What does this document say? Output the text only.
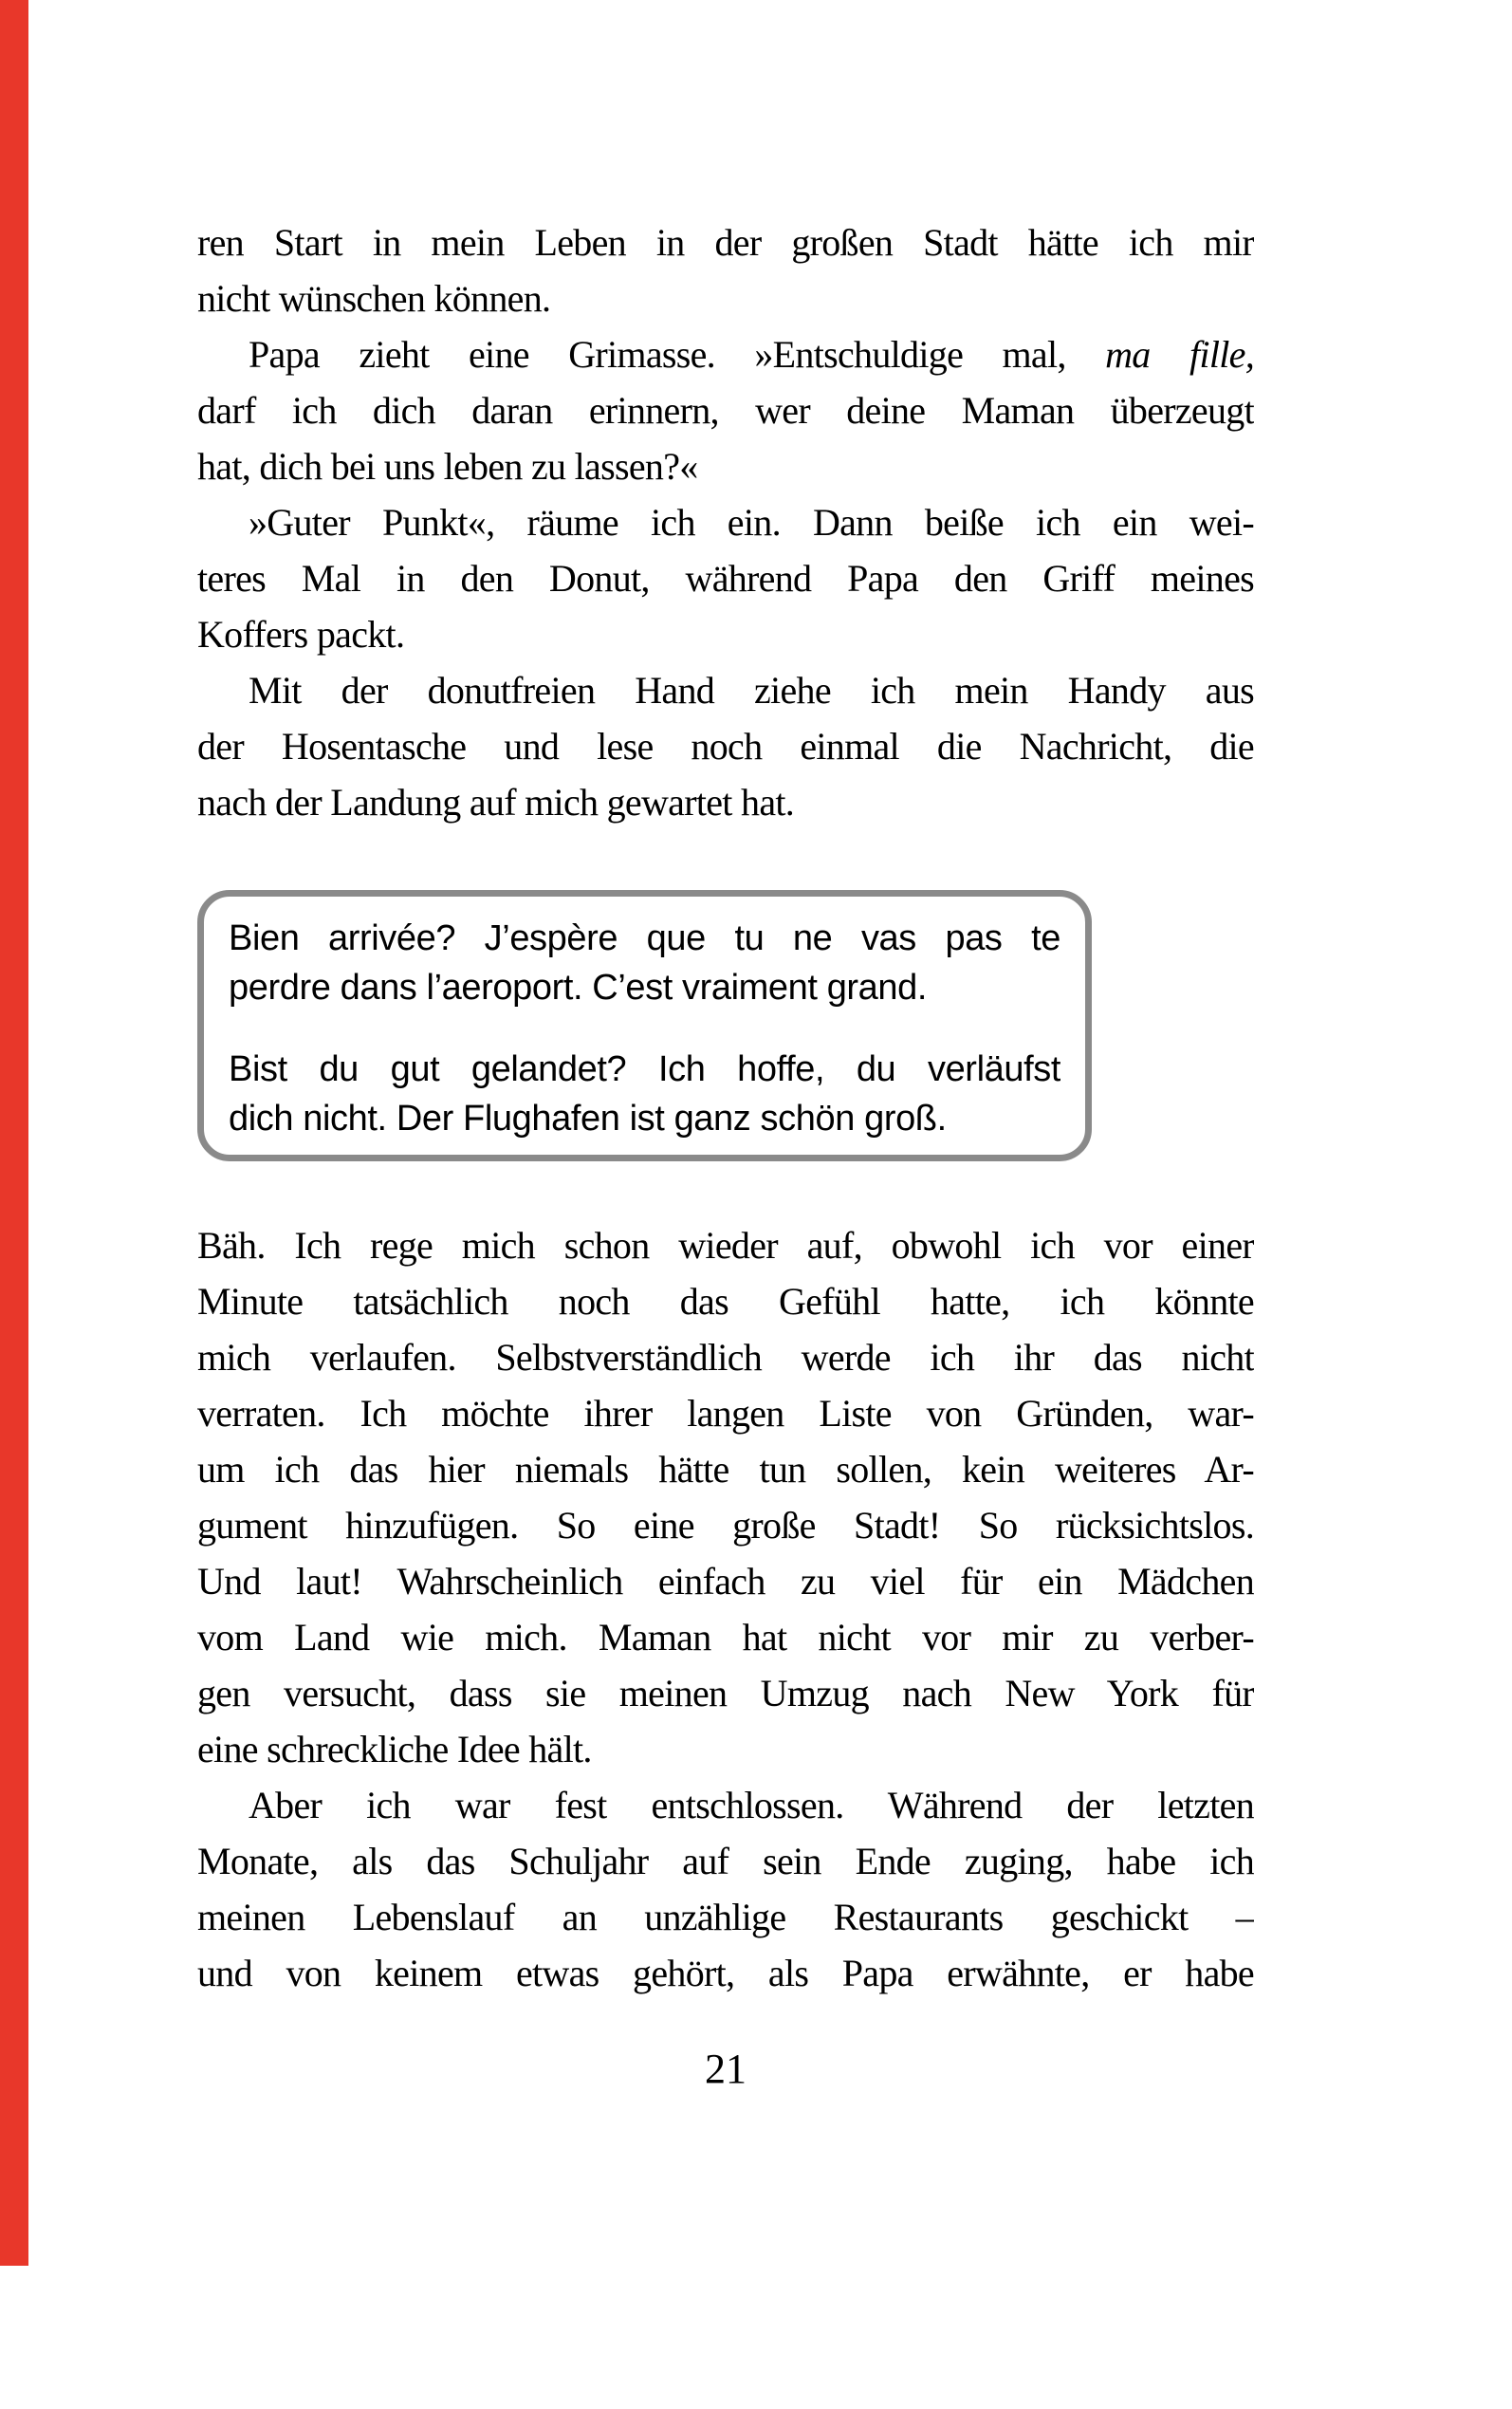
ren Start in mein Leben in der großen Stadt hätte ich mir
nicht wünschen können.
Papa zieht eine Grimasse. »Entschuldige mal, ma fille,
darf ich dich daran erinnern, wer deine Maman überzeugt
hat, dich bei uns leben zu lassen?«
»Guter Punkt«, räume ich ein. Dann beiße ich ein wei-
teres Mal in den Donut, während Papa den Griff meines
Koffers packt.
Mit der donutfreien Hand ziehe ich mein Handy aus
der Hosentasche und lese noch einmal die Nachricht, die
nach der Landung auf mich gewartet hat.
Bien arrivée? J’espère que tu ne vas pas te
perdre dans l’aeroport. C’est vraiment grand.
Bist du gut gelandet? Ich hoffe, du verläufst
dich nicht. Der Flughafen ist ganz schön groß.
Bäh. Ich rege mich schon wieder auf, obwohl ich vor einer
Minute tatsächlich noch das Gefühl hatte, ich könnte
mich verlaufen. Selbstverständlich werde ich ihr das nicht
verraten. Ich möchte ihrer langen Liste von Gründen, war-
um ich das hier niemals hätte tun sollen, kein weiteres Ar-
gument hinzufügen. So eine große Stadt! So rücksichtslos.
Und laut! Wahrscheinlich einfach zu viel für ein Mädchen
vom Land wie mich. Maman hat nicht vor mir zu verber-
gen versucht, dass sie meinen Umzug nach New York für
eine schreckliche Idee hält.
Aber ich war fest entschlossen. Während der letzten
Monate, als das Schuljahr auf sein Ende zuging, habe ich
meinen Lebenslauf an unzählige Restaurants geschickt –
und von keinem etwas gehört, als Papa erwähnte, er habe
21
